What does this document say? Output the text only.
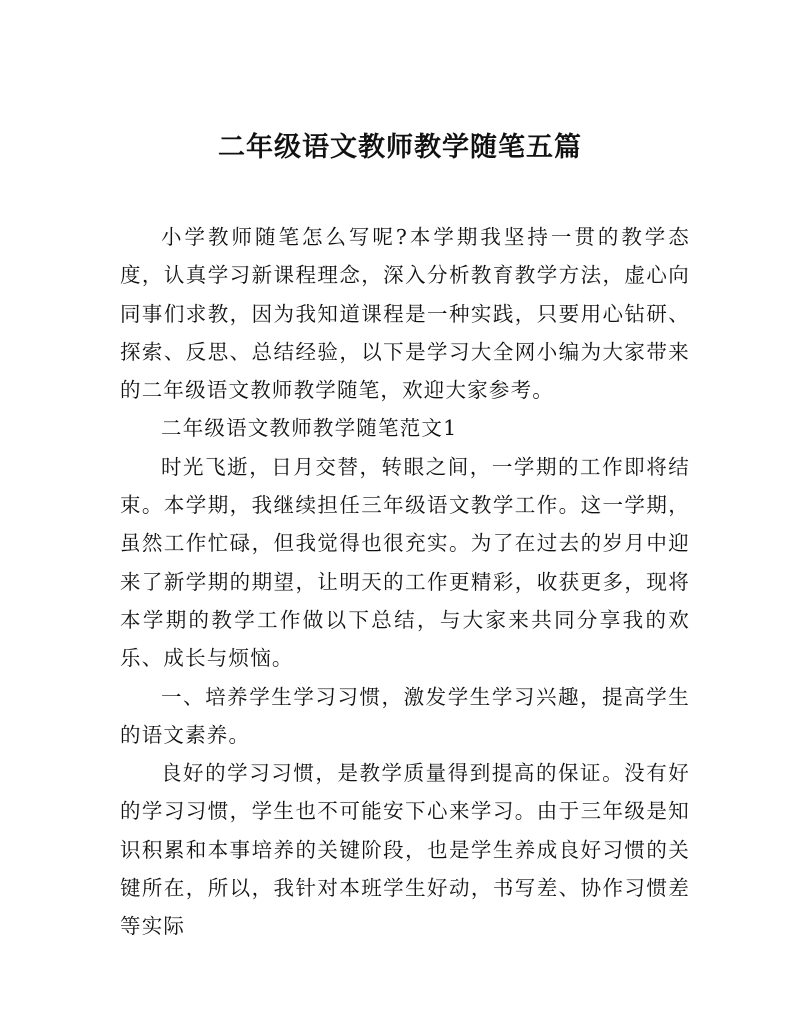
二年级语文教师教学随笔五篇

小学教师随笔怎么写呢?本学期我坚持一贯的教学态度，认真学习新课程理念，深入分析教育教学方法，虚心向同事们求教，因为我知道课程是一种实践，只要用心钻研、探索、反思、总结经验，以下是学习大全网小编为大家带来的二年级语文教师教学随笔，欢迎大家参考。

二年级语文教师教学随笔范文1

时光飞逝，日月交替，转眼之间，一学期的工作即将结束。本学期，我继续担任三年级语文教学工作。这一学期，虽然工作忙碌，但我觉得也很充实。为了在过去的岁月中迎来了新学期的期望，让明天的工作更精彩，收获更多，现将本学期的教学工作做以下总结，与大家来共同分享我的欢乐、成长与烦恼。

一、培养学生学习习惯，激发学生学习兴趣，提高学生的语文素养。

良好的学习习惯，是教学质量得到提高的保证。没有好的学习习惯，学生也不可能安下心来学习。由于三年级是知识积累和本事培养的关键阶段，也是学生养成良好习惯的关键所在，所以，我针对本班学生好动，书写差、协作习惯差等实际
